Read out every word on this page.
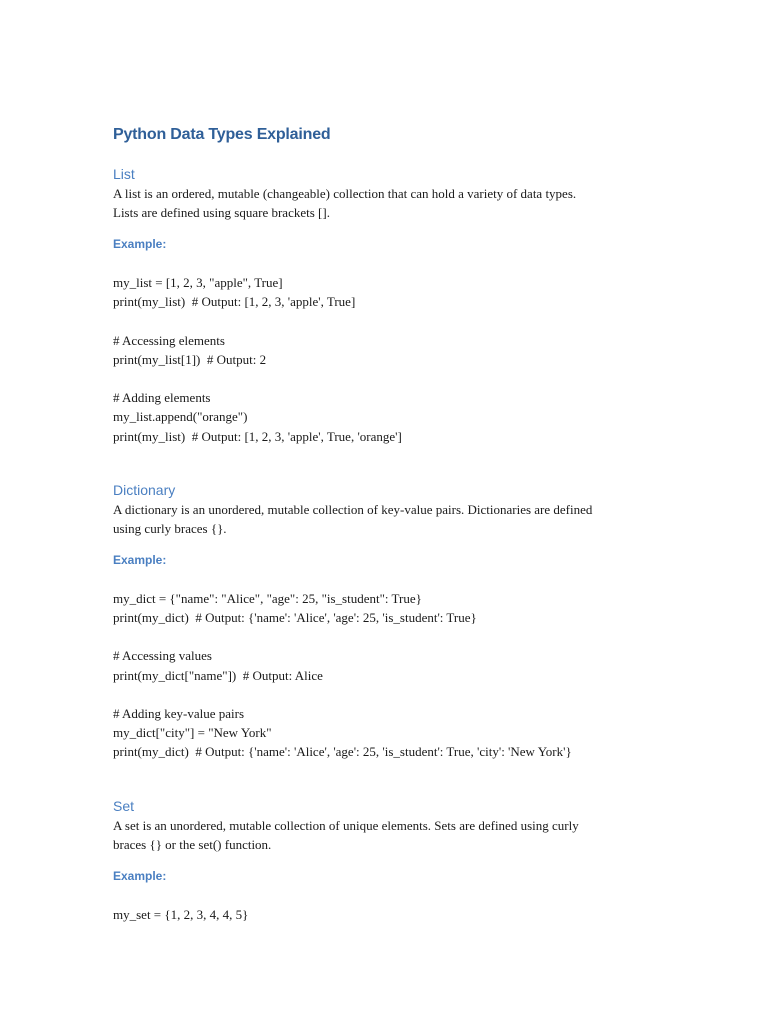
Python Data Types Explained
List

A list is an ordered, mutable (changeable) collection that can hold a variety of data types.
Lists are defined using square brackets [].

Example:

my_list = [1, 2, 3, "apple", True]
print(my_list)  # Output: [1, 2, 3, 'apple', True]
# Accessing elements
print(my_list[1])  # Output: 2
# Adding elements
my_list.append("orange")
print(my_list)  # Output: [1, 2, 3, 'apple', True, 'orange']
Dictionary

A dictionary is an unordered, mutable collection of key-value pairs. Dictionaries are defined
using curly braces {}.

Example:

my_dict = {"name": "Alice", "age": 25, "is_student": True}
print(my_dict)  # Output: {'name': 'Alice', 'age': 25, 'is_student': True}
# Accessing values
print(my_dict["name"])  # Output: Alice
# Adding key-value pairs
my_dict["city"] = "New York"
print(my_dict)  # Output: {'name': 'Alice', 'age': 25, 'is_student': True, 'city': 'New York'}
Set

A set is an unordered, mutable collection of unique elements. Sets are defined using curly
braces {} or the set() function.

Example:

my_set = {1, 2, 3, 4, 4, 5}
